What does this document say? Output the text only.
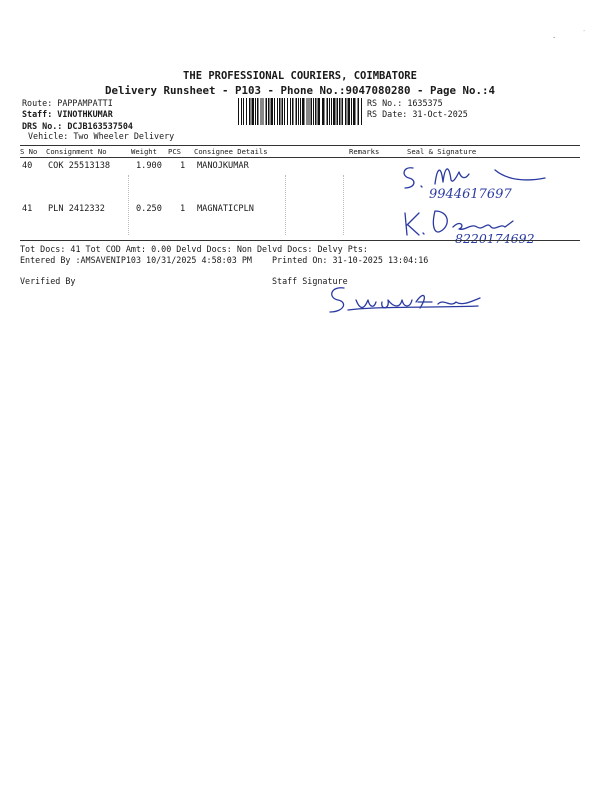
THE PROFESSIONAL COURIERS, COIMBATORE
Delivery Runsheet - P103 - Phone No.:9047080280 - Page No.:4
Route: PAPPAMPATTI
Staff: VINOTHKUMAR
DRS No.: DCJB163537504
Vehicle: Two Wheeler Delivery
RS No.: 1635375
RS Date: 31-Oct-2025
S No Consignment No	Weight PCS Consignee Details	Remarks	Seal & Signature
40 COK 25513138	1.900 1 MANOJKUMAR
41 PLN 2412332	0.250 1 MAGNATICPLN
9944617697
8220174692
Tot Docs: 41 Tot COD Amt: 0.00 Delvd Docs: Non Delvd Docs: Delvy Pts:
Entered By :AMSAVENIP103 10/31/2025 4:58:03 PM Printed On: 31-10-2025 13:04:16
Verified By	Staff Signature
·	˙
